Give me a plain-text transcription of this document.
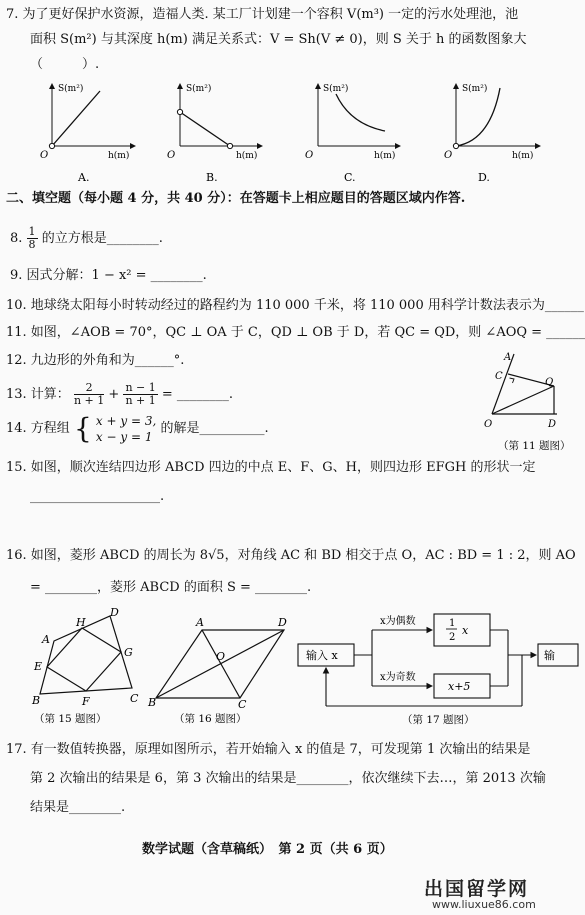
7. 为了更好保护水资源，造福人类. 某工厂计划建一个容积 V(m³) 一定的污水处理池，池
面积 S(m²) 与其深度 h(m) 满足关系式：V = Sh(V ≠ 0)，则 S 关于 h 的函数图象大
（　　　）.
S(m²)
O	h(m)
A.
S(m²)
O	h(m)
B.
S(m²)
O	h(m)
C.
S(m²)
O	h(m)
D.
二、填空题（每小题 4 分，共 40 分）：在答题卡上相应题目的答题区域内作答.
8. $\frac{1}{8}$ 的立方根是________.
9. 因式分解：1 − x² = ________.
10. 地球绕太阳每小时转动经过的路程约为 110 000 千米，将 110 000 用科学计数法表示为______
11. 如图，∠AOB = 70°，QC ⊥ OA 于 C，QD ⊥ OB 于 D，若 QC = QD，则 ∠AOQ = ______
12. 九边形的外角和为______°.
13. 计算： $\frac{2}{n + 1} + \frac{n - 1}{n + 1}$ = ________.
14. 方程组 { x + y = 3,
x − y = 1
的解是__________.
A
C
Q
O	D
（第 11 题图）
15. 如图，顺次连结四边形 ABCD 四边的中点 E、F、G、H，则四边形 EFGH 的形状一定
____________________.
16. 如图，菱形 ABCD 的周长为 8√5，对角线 AC 和 BD 相交于点 O，AC : BD = 1 : 2，则 AO
= ________，菱形 ABCD 的面积 S = ________.
A
H
D
E
G
B	F	C
（第 15 题图）
A	D
O
B	C
（第 16 题图）
输入 x
x为偶数
x为奇数
1
2
x
x+5
输
（第 17 题图）
17. 有一数值转换器，原理如图所示，若开始输入 x 的值是 7，可发现第 1 次输出的结果是
第 2 次输出的结果是 6，第 3 次输出的结果是________，依次继续下去…，第 2013 次输
结果是________.
数学试题（含草稿纸）　第 2 页（共 6 页）
出国留学网
www.liuxue86.com
